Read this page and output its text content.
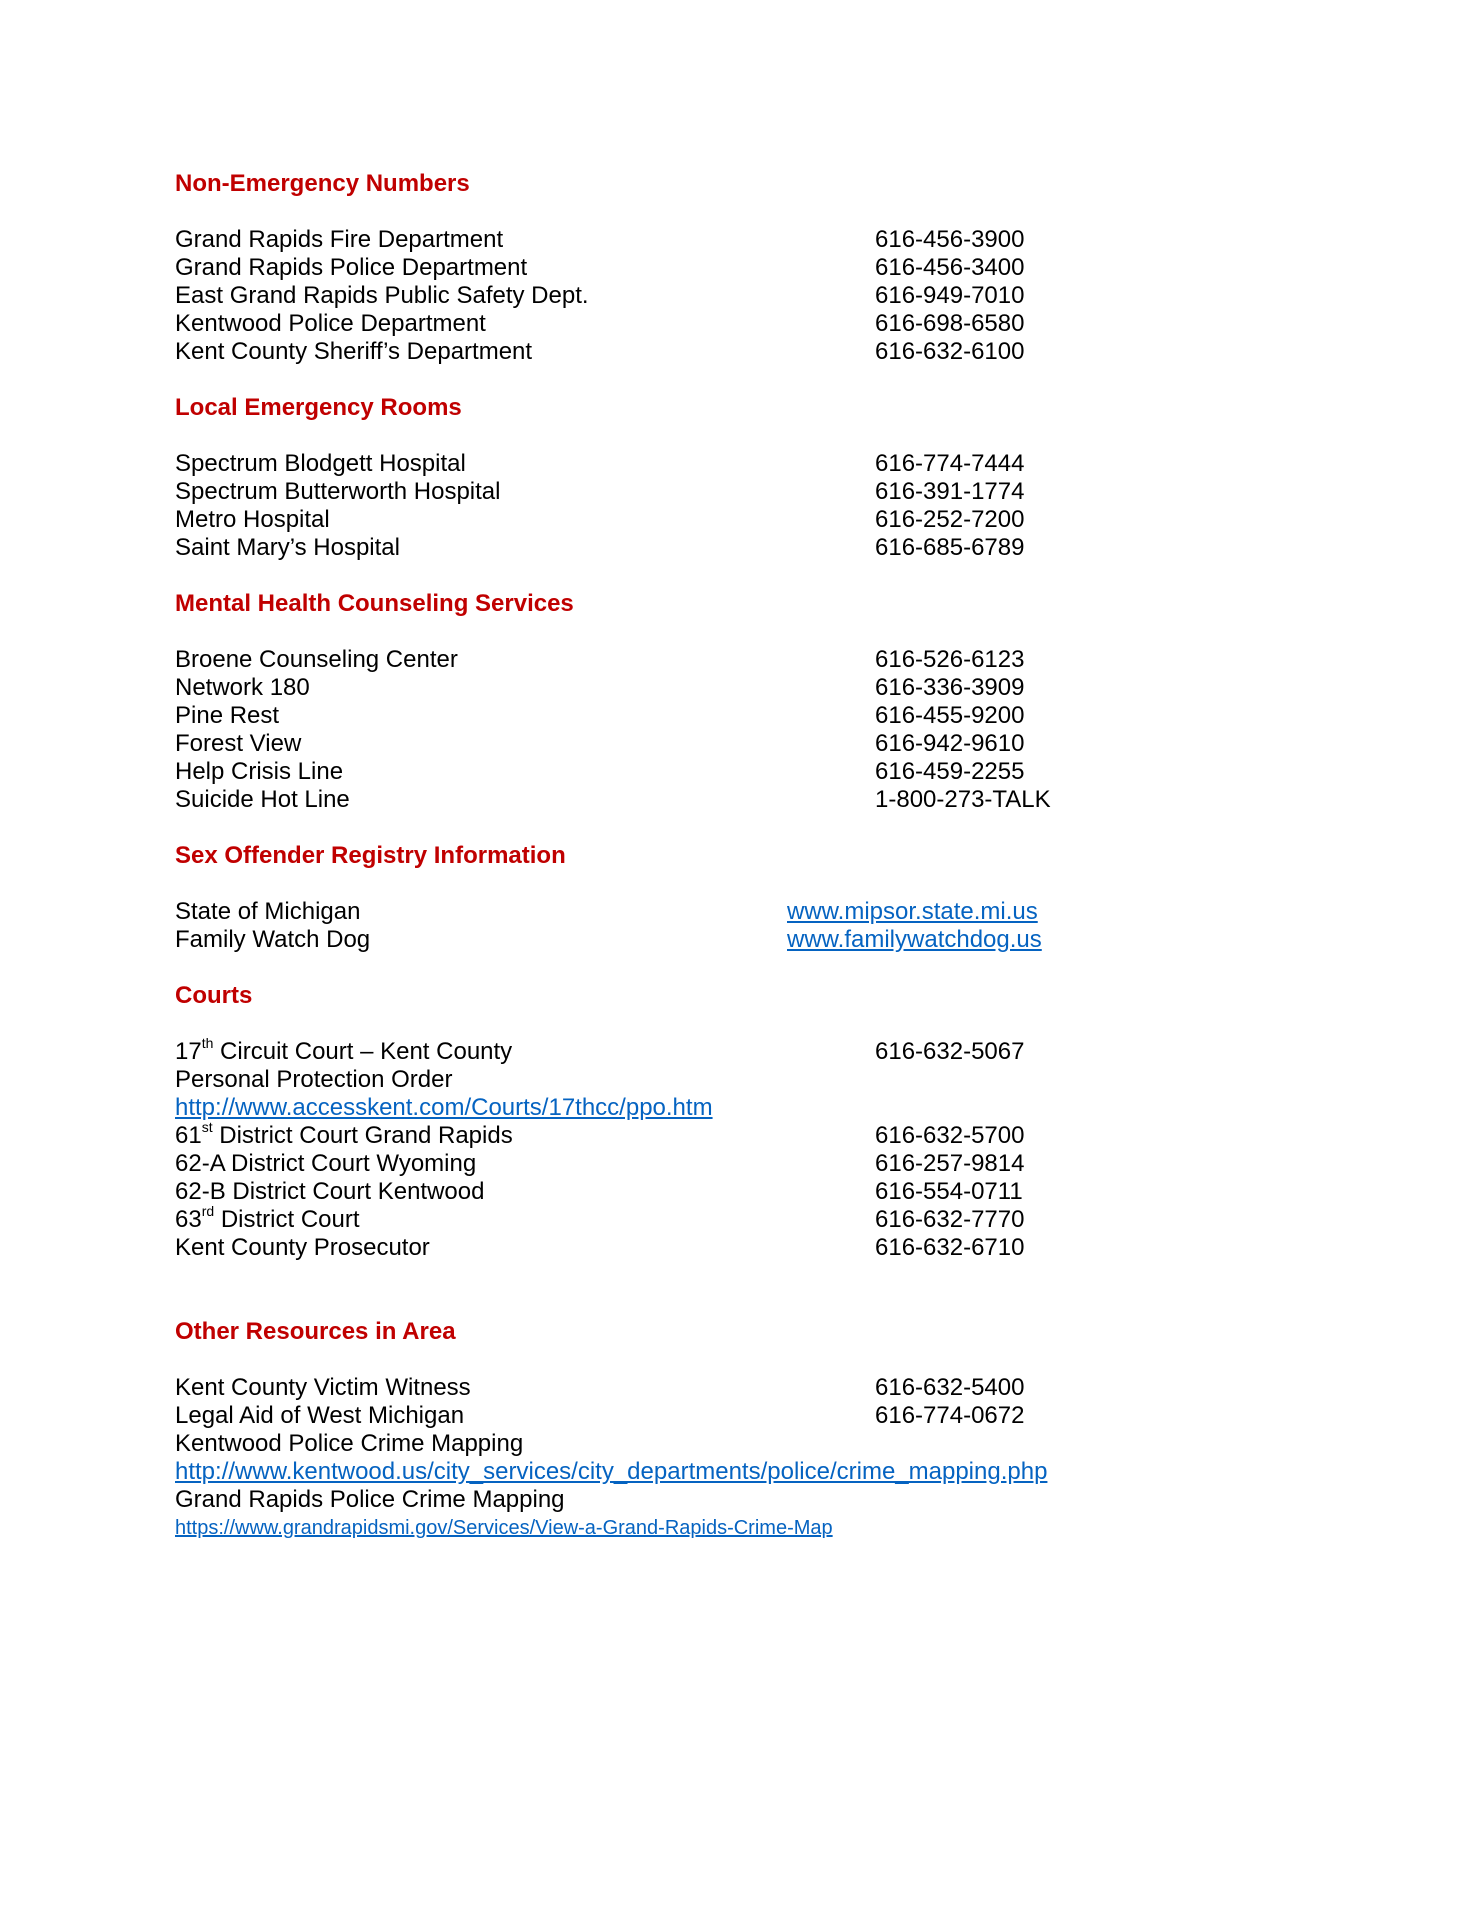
Non-Emergency Numbers
Grand Rapids Fire Department	616-456-3900
Grand Rapids Police Department	616-456-3400
East Grand Rapids Public Safety Dept.	616-949-7010
Kentwood Police Department	616-698-6580
Kent County Sheriff’s Department	616-632-6100
Local Emergency Rooms
Spectrum Blodgett Hospital	616-774-7444
Spectrum Butterworth Hospital	616-391-1774
Metro Hospital	616-252-7200
Saint Mary’s Hospital	616-685-6789
Mental Health Counseling Services
Broene Counseling Center	616-526-6123
Network 180	616-336-3909
Pine Rest	616-455-9200
Forest View	616-942-9610
Help Crisis Line	616-459-2255
Suicide Hot Line	1-800-273-TALK
Sex Offender Registry Information
State of Michigan	www.mipsor.state.mi.us
Family Watch Dog	www.familywatchdog.us
Courts
17th Circuit Court – Kent County	616-632-5067
Personal Protection Order
http://www.accesskent.com/Courts/17thcc/ppo.htm
61st District Court Grand Rapids	616-632-5700
62-A District Court Wyoming	616-257-9814
62-B District Court Kentwood	616-554-0711
63rd District Court	616-632-7770
Kent County Prosecutor	616-632-6710
Other Resources in Area
Kent County Victim Witness	616-632-5400
Legal Aid of West Michigan	616-774-0672
Kentwood Police Crime Mapping
http://www.kentwood.us/city_services/city_departments/police/crime_mapping.php
Grand Rapids Police Crime Mapping
https://www.grandrapidsmi.gov/Services/View-a-Grand-Rapids-Crime-Map
